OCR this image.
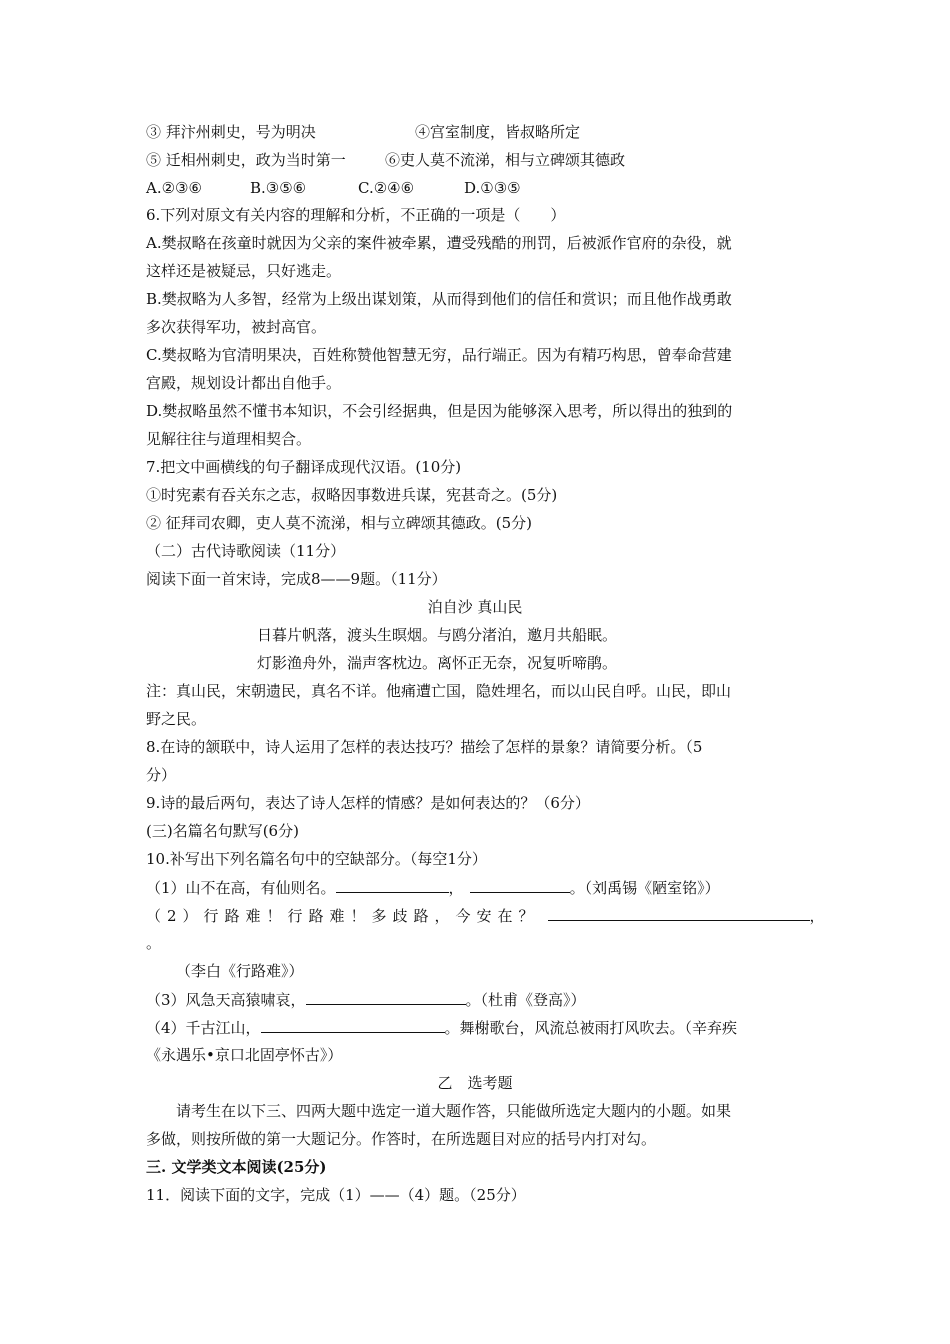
③ 拜汴州刺史，号为明决	④宫室制度，皆叔略所定
⑤ 迁相州刺史，政为当时第一	⑥吏人莫不流涕，相与立碑颂其德政
A.②③⑥	B.③⑤⑥	C.②④⑥	D.①③⑤
6.下列对原文有关内容的理解和分析，不正确的一项是（　　）
A.樊叔略在孩童时就因为父亲的案件被牵累，遭受残酷的刑罚，后被派作官府的杂役，就
这样还是被疑忌，只好逃走。
B.樊叔略为人多智，经常为上级出谋划策，从而得到他们的信任和赏识；而且他作战勇敢
多次获得军功，被封高官。
C.樊叔略为官清明果决，百姓称赞他智慧无穷，品行端正。因为有精巧构思，曾奉命营建
宫殿，规划设计都出自他手。
D.樊叔略虽然不懂书本知识，不会引经据典，但是因为能够深入思考，所以得出的独到的
见解往往与道理相契合。
7.把文中画横线的句子翻译成现代汉语。(10分)
①时宪素有吞关东之志，叔略因事数进兵谋，宪甚奇之。(5分)
② 征拜司农卿，吏人莫不流涕，相与立碑颂其德政。(5分)
（二）古代诗歌阅读（11分）
阅读下面一首宋诗，完成8——9题。（11分）
泊自沙 真山民
日暮片帆落，渡头生暝烟。与鸥分渚泊，邀月共船眠。
灯影渔舟外，湍声客枕边。离怀正无奈，况复听啼鹃。
注：真山民，宋朝遗民，真名不详。他痛遭亡国，隐姓埋名，而以山民自呼。山民，即山
野之民。
8.在诗的颔联中，诗人运用了怎样的表达技巧？描绘了怎样的景象？请简要分析。（5
分）
9.诗的最后两句，表达了诗人怎样的情感？是如何表达的？（6分）
(三)名篇名句默写(6分)
10.补写出下列名篇名句中的空缺部分。（每空1分）
（1）山不在高，有仙则名。	，	。（刘禹锡《陋室铭》）
（2）行路难！行路难！多歧路，今安在？	，
。
（李白《行路难》）
（3）风急天高猿啸哀，	。（杜甫《登高》）
（4）千古江山，	。舞榭歌台，风流总被雨打风吹去。（辛弃疾
《永遇乐•京口北固亭怀古》）
乙　选考题
请考生在以下三、四两大题中选定一道大题作答，只能做所选定大题内的小题。如果
多做，则按所做的第一大题记分。作答时，在所选题目对应的括号内打对勾。
三. 文学类文本阅读(25分)
11．阅读下面的文字，完成（1）——（4）题。（25分）
